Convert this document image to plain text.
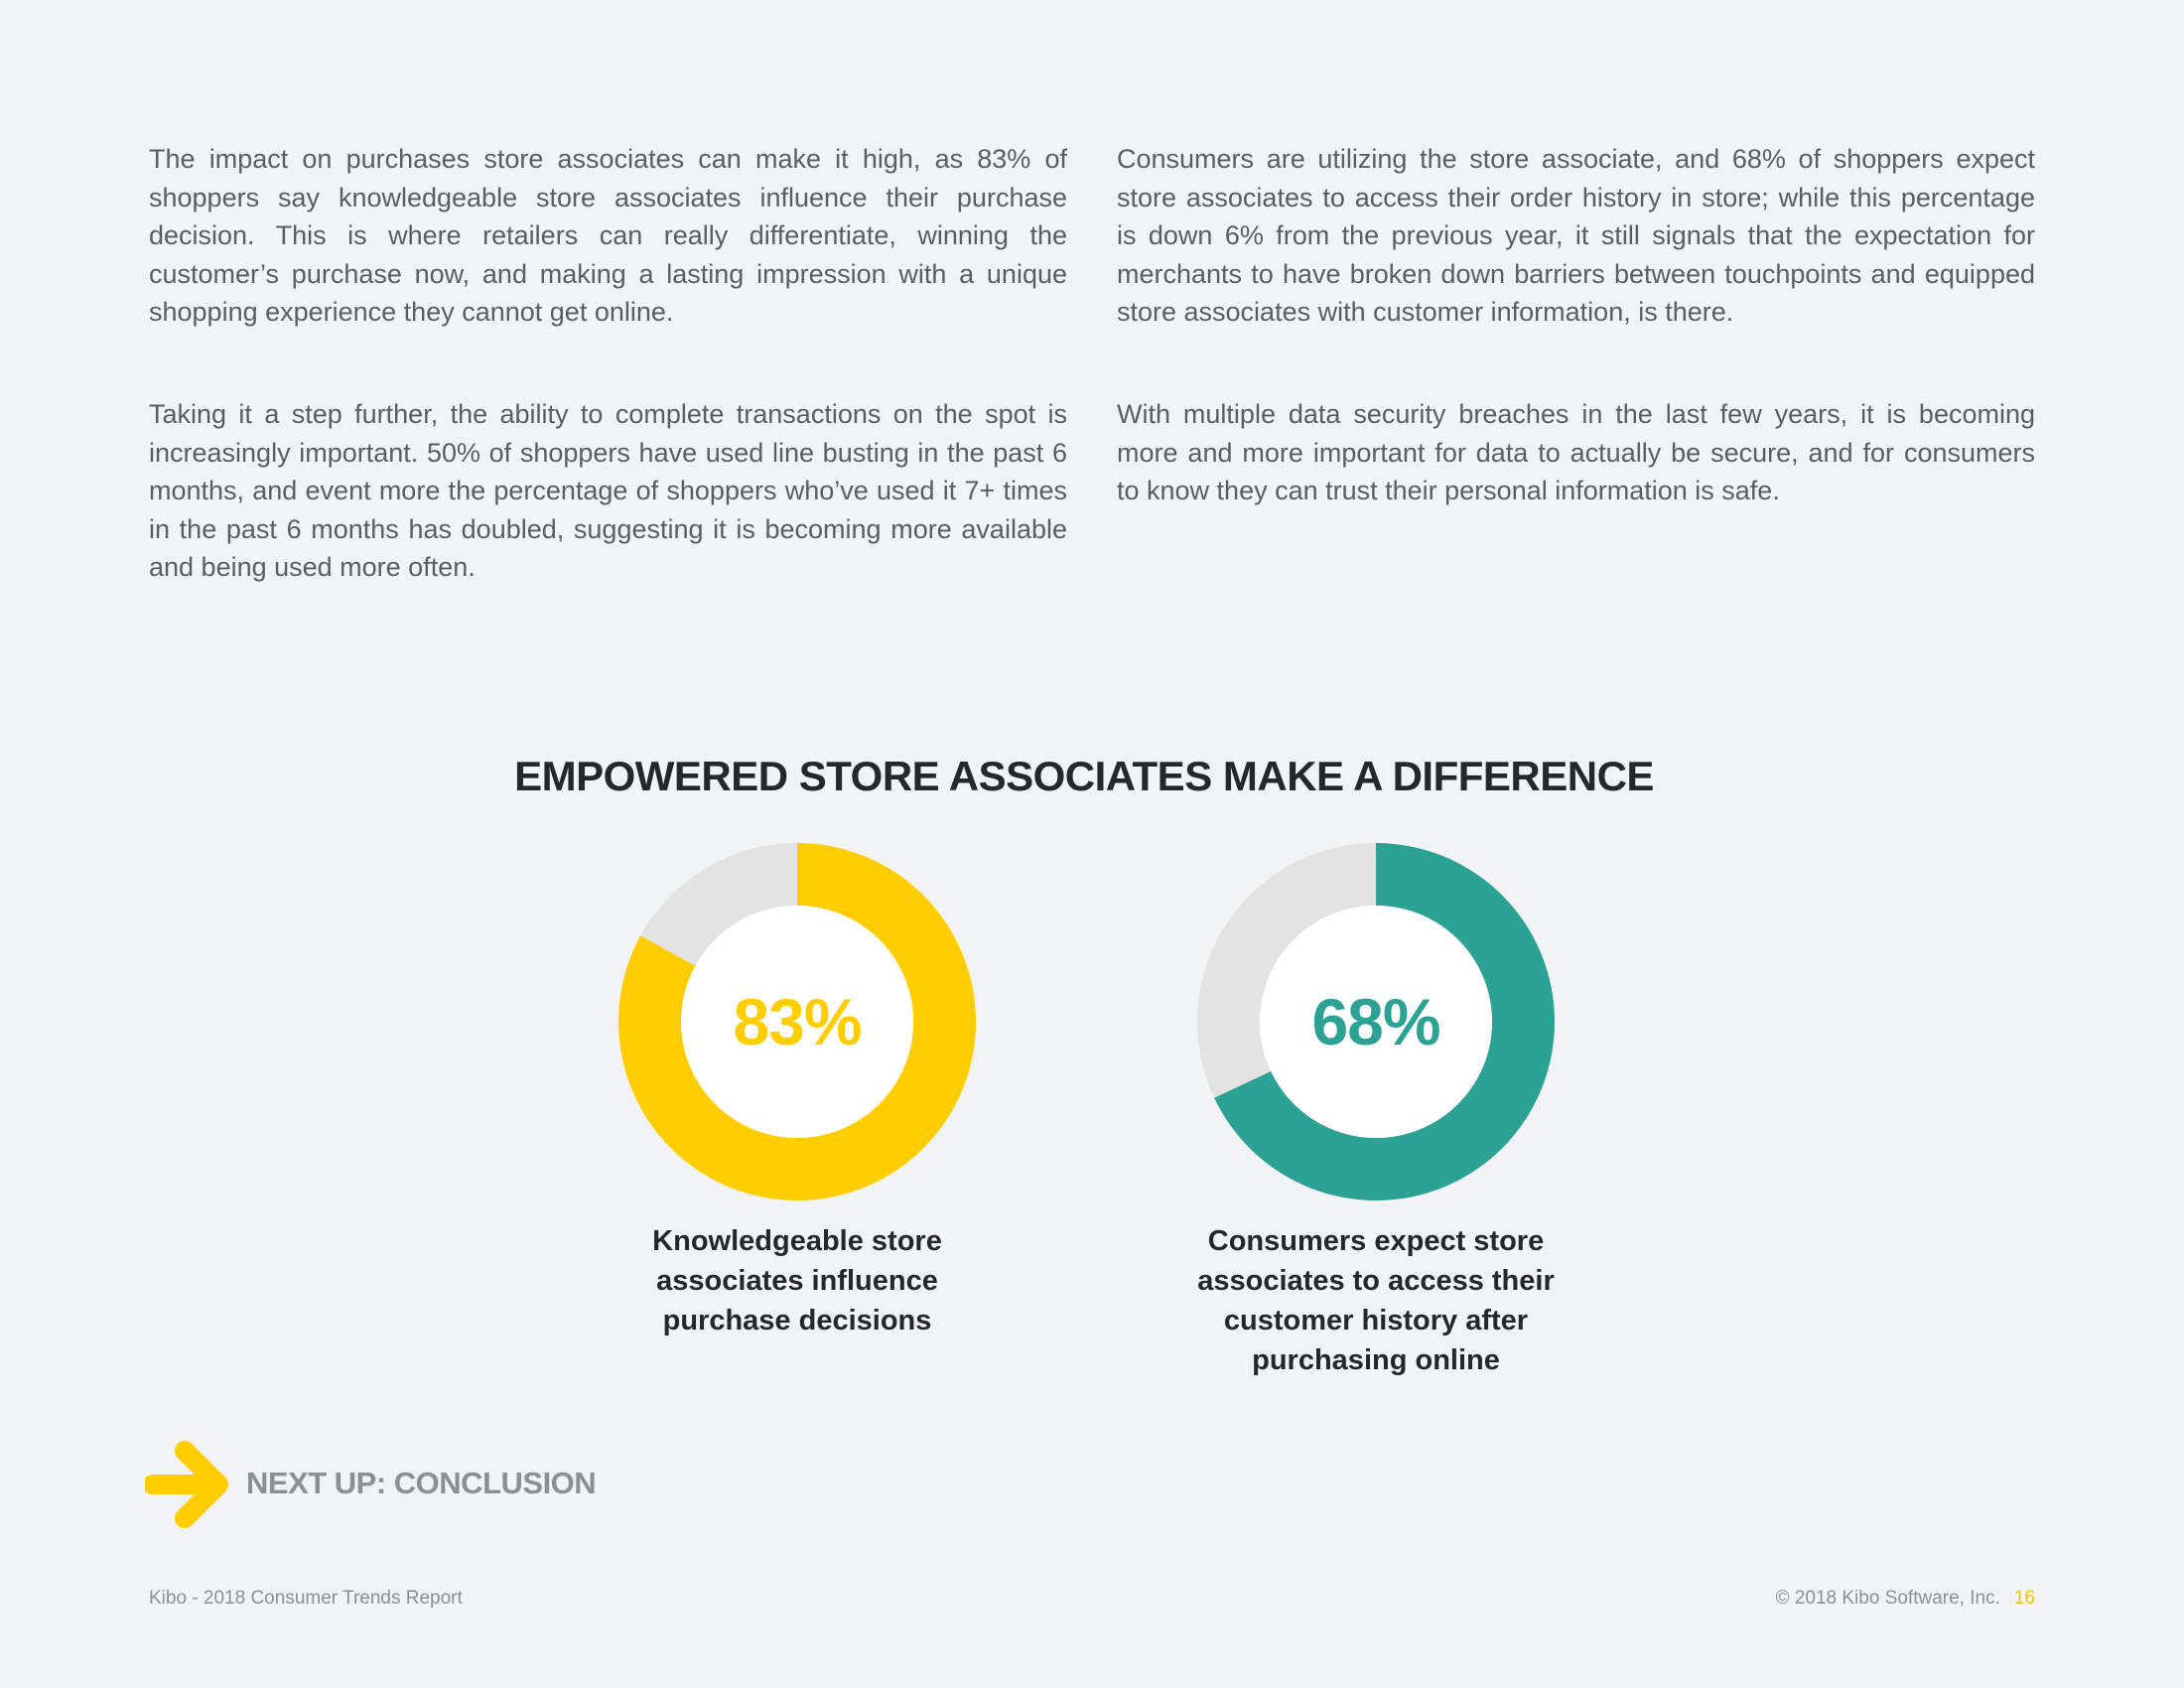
The impact on purchases store associates can make it high, as 83% of shoppers say knowledgeable store associates influence their purchase decision. This is where retailers can really differentiate, winning the customer’s purchase now, and making a lasting impression with a unique shopping experience they cannot get online.

Consumers are utilizing the store associate, and 68% of shoppers expect store associates to access their order history in store; while this percentage is down 6% from the previous year, it still signals that the expectation for merchants to have broken down barriers between touchpoints and equipped store associates with customer information, is there.

Taking it a step further, the ability to complete transactions on the spot is increasingly important. 50% of shoppers have used line busting in the past 6 months, and event more the percentage of shoppers who’ve used it 7+ times in the past 6 months has doubled, suggesting it is becoming more available and being used more often.

With multiple data security breaches in the last few years, it is becoming more and more important for data to actually be secure, and for consumers to know they can trust their personal information is safe.

EMPOWERED STORE ASSOCIATES MAKE A DIFFERENCE
83%

Knowledgeable store associates influence purchase decisions

68%

Consumers expect store associates to access their customer history after purchasing online

NEXT UP: CONCLUSION
Kibo - 2018 Consumer Trends Report	© 2018 Kibo Software, Inc. 16
